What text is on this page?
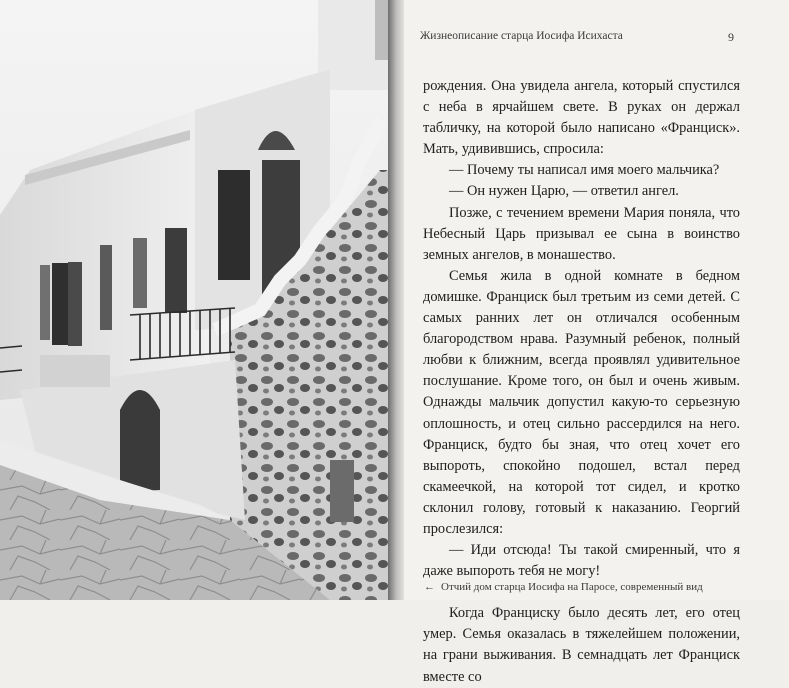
Жизнеописание старца Иосифа Исихаста	9

рождения. Она увидела ангела, который спустился с неба в ярчайшем свете. В руках он держал табличку, на которой было написано «Франциск». Мать, удивившись, спросила:

— Почему ты написал имя моего мальчика?

— Он нужен Царю, — ответил ангел.

Позже, с течением времени Мария поняла, что Небесный Царь призывал ее сына в воинство земных ангелов, в монашество.

Семья жила в одной комнате в бедном домишке. Франциск был третьим из семи детей. С самых ранних лет он отличался особенным благородством нрава. Разумный ребенок, полный любви к ближним, всегда проявлял удивительное послушание. Кроме того, он был и очень живым. Однажды мальчик допустил какую-то серьезную оплошность, и отец сильно рассердился на него. Франциск, будто бы зная, что отец хочет его выпороть, спокойно подошел, встал перед скамеечкой, на которой тот сидел, и кротко склонил голову, готовый к наказанию. Георгий прослезился:

— Иди отсюда! Ты такой смиренный, что я даже выпороть тебя не могу!

Когда Франциску было десять лет, его отец умер. Семья оказалась в тяжелейшем положении, на грани выживания. В семнадцать лет Франциск вместе со

← Отчий дом старца Иосифа на Паросе, современный вид
